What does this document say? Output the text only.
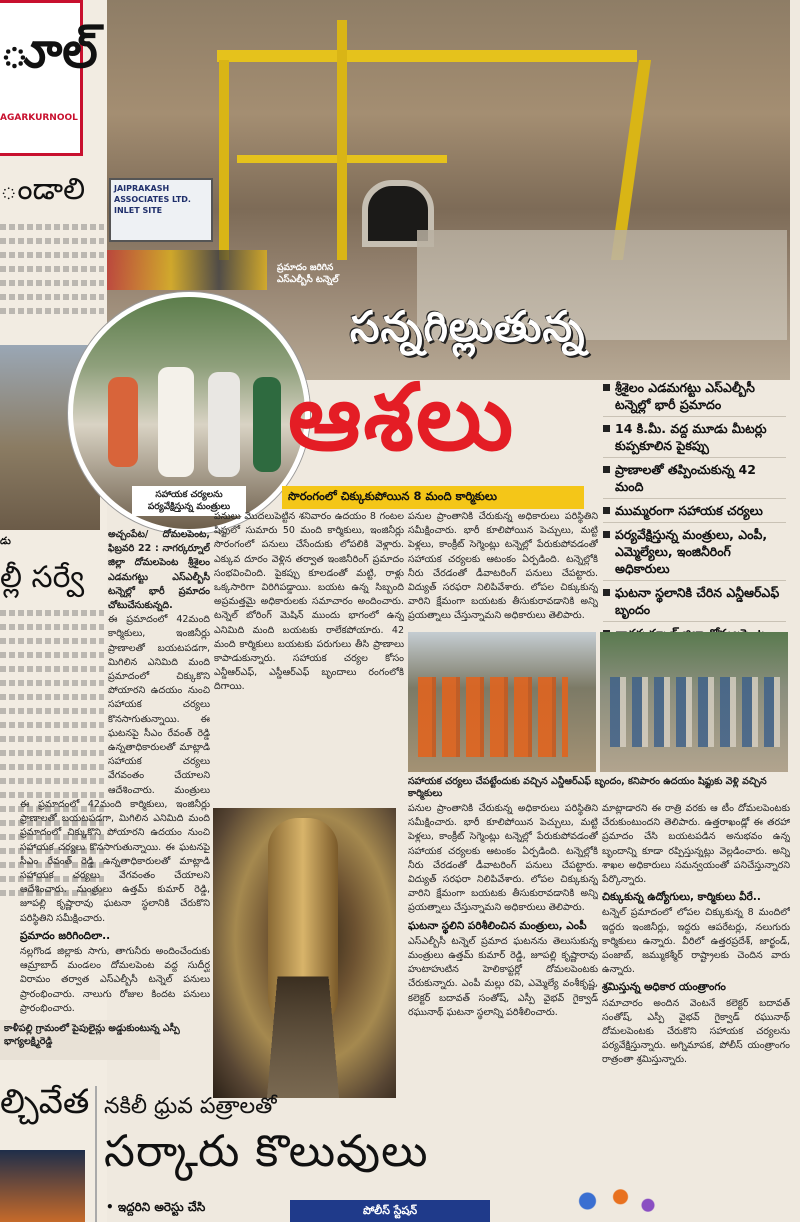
ూల్
AGARKURNOOL
ండాలి
డు
ల్లీ సర్వే
కాళీపల్లి గ్రామంలో పైపులైన్లు అడ్డుకుంటున్న ఎస్పీ భాగ్యలక్ష్మిరెడ్డి
ల్చివేత
JAIPRAKASH ASSOCIATES LTD. INLET SITE
ప్రమాదం జరిగిన ఎస్ఎల్బీసీ టన్నెల్
సన్నగిల్లుతున్న
సహాయక చర్యలను పర్యవేక్షిస్తున్న మంత్రులు
ఆశలు
సొరంగంలో చిక్కుకుపోయిన 8 మంది కార్మికులు
శ్రీశైలం ఎడమగట్టు ఎస్ఎల్బీసీ టన్నెల్లో భారీ ప్రమాదం
14 కి.మీ. వద్ద మూడు మీటర్లు కుప్పకూలిన పైకప్పు
ప్రాణాలతో తప్పించుకున్న 42 మంది
ముమ్మరంగా సహాయక చర్యలు
పర్యవేక్షిస్తున్న మంత్రులు, ఎంపీ, ఎమ్మెల్యేలు, ఇంజినీరింగ్ అధికారులు
ఘటనా స్థలానికి చేరిన ఎన్డీఆర్ఎఫ్ బృందం

అచ్చంపేట/ దోమలపెంట, ఫిబ్రవరి 22 : నాగర్కర్నూల్ జిల్లా దోమలపెంట శ్రీశైలం ఎడమగట్టు ఎస్ఎల్బీసీ టన్నెల్లో భారీ ప్రమాదం చోటుచేసుకున్నది.

ఈ ప్రమాదంలో 42మంది కార్మికులు, ఇంజినీర్లు ప్రాణాలతో బయటపడగా, మిగిలిన ఎనిమిది మంది ప్రమాదంలో చిక్కుకొని పోయారని ఉదయం నుంచి సహాయక చర్యలు కొనసాగుతున్నాయి. ఈ ఘటనపై సీఎం రేవంత్ రెడ్డి ఉన్నతాధికారులతో మాట్లాడి సహాయక చర్యలు వేగవంతం చేయాలని ఆదేశించారు. మంత్రులు

ఈ ప్రమాదంలో 42మంది కార్మికులు, ఇంజినీర్లు ప్రాణాలతో బయటపడగా, మిగిలిన ఎనిమిది మంది ప్రమాదంలో చిక్కుకొని పోయారని ఉదయం నుంచి సహాయక చర్యలు కొనసాగుతున్నాయి. ఈ ఘటనపై సీఎం రేవంత్ రెడ్డి ఉన్నతాధికారులతో మాట్లాడి సహాయక చర్యలు వేగవంతం చేయాలని ఆదేశించారు. మంత్రులు ఉత్తమ్ కుమార్ రెడ్డి, జూపల్లి కృష్ణారావు ఘటనా స్థలానికి చేరుకొని పరిస్థితిని సమీక్షించారు.

ప్రమాదం జరిగిందిలా..

నల్లగొండ జిల్లాకు సాగు, తాగునీరు అందించేందుకు ఆమ్రాబాద్ మండలం దోమలపెంట వద్ద సుదీర్ఘ విరామం తర్వాత ఎస్ఎల్బీసీ టన్నెల్ పనులు ప్రారంభించారు. నాలుగు రోజుల కిందట పనులు ప్రారంభించారు.

పనులు మొదలుపెట్టిన శనివారం ఉదయం 8 గంటల షిఫ్టులో సుమారు 50 మంది కార్మికులు, ఇంజినీర్లు సొరంగంలో పనులు చేసేందుకు లోపలికి వెళ్లారు. ఎక్కువ దూరం వెళ్లిన తర్వాత ఇంజినీరింగ్ ప్రమాదం సంభవించింది. పైకప్పు కూలడంతో మట్టి, రాళ్లు ఒక్కసారిగా విరిగిపడ్డాయి. బయట ఉన్న సిబ్బంది అప్రమత్తమై అధికారులకు సమాచారం అందించారు. టన్నెల్ బోరింగ్ మెషిన్ ముందు భాగంలో ఉన్న ఎనిమిది మంది బయటకు రాలేకపోయారు. 42 మంది కార్మికులు బయటకు పరుగులు తీసి ప్రాణాలు కాపాడుకున్నారు. సహాయక చర్యల కోసం ఎన్డీఆర్ఎఫ్, ఎస్డీఆర్ఎఫ్ బృందాలు రంగంలోకి దిగాయి.

పనుల ప్రాంతానికి చేరుకున్న అధికారులు పరిస్థితిని సమీక్షించారు. భారీ కూలిపోయిన పెచ్చులు, మట్టి పెళ్లలు, కాంక్రీట్ సెగ్మెంట్లు టన్నెల్లో పేరుకుపోవడంతో సహాయక చర్యలకు ఆటంకం ఏర్పడింది. టన్నెల్లోకి నీరు చేరడంతో డీవాటరింగ్ పనులు చేపట్టారు. విద్యుత్ సరఫరా నిలిపివేశారు. లోపల చిక్కుకున్న వారిని క్షేమంగా బయటకు తీసుకురావడానికి అన్ని ప్రయత్నాలు చేస్తున్నామని అధికారులు తెలిపారు.

సహాయక చర్యలు చేపట్టేందుకు వచ్చిన ఎన్డీఆర్ఎఫ్ బృందం, కనిపారం ఉదయం షిఫ్టుకు వెళ్లి వచ్చిన కార్మికులు

పనుల ప్రాంతానికి చేరుకున్న అధికారులు పరిస్థితిని సమీక్షించారు. భారీ కూలిపోయిన పెచ్చులు, మట్టి పెళ్లలు, కాంక్రీట్ సెగ్మెంట్లు టన్నెల్లో పేరుకుపోవడంతో సహాయక చర్యలకు ఆటంకం ఏర్పడింది. టన్నెల్లోకి నీరు చేరడంతో డీవాటరింగ్ పనులు చేపట్టారు. విద్యుత్ సరఫరా నిలిపివేశారు. లోపల చిక్కుకున్న వారిని క్షేమంగా బయటకు తీసుకురావడానికి అన్ని ప్రయత్నాలు చేస్తున్నామని అధికారులు తెలిపారు.

ఘటనా స్థలిని పరిశీలించిన మంత్రులు, ఎంపీ

ఎస్ఎల్బీసీ టన్నెల్ ప్రమాద ఘటనను తెలుసుకున్న మంత్రులు ఉత్తమ్ కుమార్ రెడ్డి, జూపల్లి కృష్ణారావు హుటాహుటిన హెలికాప్టర్లో దోమలపెంటకు చేరుకున్నారు. ఎంపీ మల్లు రవి, ఎమ్మెల్యే వంశీకృష్ణ, కలెక్టర్ బదావత్ సంతోష్, ఎస్పీ వైభవ్ గైక్వాడ్ రఘునాథ్ ఘటనా స్థలాన్ని పరిశీలించారు.

మాట్లాడారని ఈ రాత్రి వరకు ఆ టీం దోమలపెంటకు చేరుకుంటుందని తెలిపారు. ఉత్తరాఖండ్లో ఈ తరహా ప్రమాదం చేసి బయటపడిన అనుభవం ఉన్న బృందాన్ని కూడా రప్పిస్తున్నట్లు వెల్లడించారు. అన్ని శాఖల అధికారులు సమన్వయంతో పనిచేస్తున్నారని పేర్కొన్నారు.

చిక్కుకున్న ఉద్యోగులు, కార్మికులు వీరే..

టన్నెల్ ప్రమాదంలో లోపల చిక్కుకున్న 8 మందిలో ఇద్దరు ఇంజినీర్లు, ఇద్దరు ఆపరేటర్లు, నలుగురు కార్మికులు ఉన్నారు. వీరిలో ఉత్తరప్రదేశ్, జార్ఖండ్, పంజాబ్, జమ్ముకశ్మీర్ రాష్ట్రాలకు చెందిన వారు ఉన్నారు.

శ్రమిస్తున్న అధికార యంత్రాంగం

సమాచారం అందిన వెంటనే కలెక్టర్ బదావత్ సంతోష్, ఎస్పీ వైభవ్ గైక్వాడ్ రఘునాథ్ దోమలపెంటకు చేరుకొని సహాయక చర్యలను పర్యవేక్షిస్తున్నారు. అగ్నిమాపక, పోలీస్ యంత్రాంగం రాత్రంతా శ్రమిస్తున్నారు.

నకిలీ ధ్రువ పత్రాలతో
సర్కారు కొలువులు
• ఇద్దరిని అరెస్టు చేసి	పోలీస్ స్టేషన్
